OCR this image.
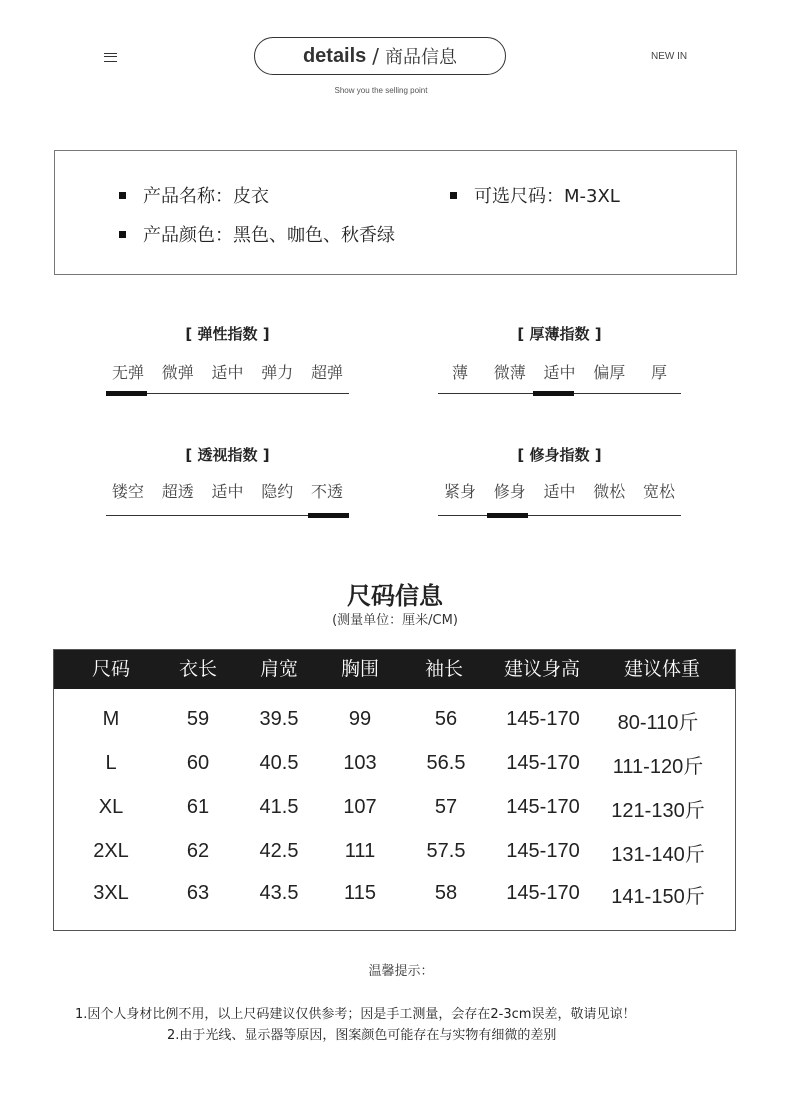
details / 商品信息	NEW IN
Show you the selling point
产品名称：皮衣	可选尺码：M-3XL
产品颜色：黑色、咖色、秋香绿
[ 弹性指数 ]
无弹	微弹	适中	弹力	超弹
[ 厚薄指数 ]
薄	微薄	适中	偏厚	厚
[ 透视指数 ]
镂空	超透	适中	隐约	不透
[ 修身指数 ]
紧身	修身	适中	微松	宽松
尺码信息
(测量单位：厘米/CM)
尺码	衣长 肩宽 胸围 袖长 建议身高 建议体重
M	59	39.5	99	56 145-170 80-110斤
L	60	40.5 103 56.5 145-170 111-120斤
XL	61	41.5 107	57 145-170 121-130斤
2XL	62	42.5 111	57.5 145-170 131-140斤
3XL	63	43.5 115	58 145-170 141-150斤
温馨提示：
1.因个人身材比例不用，以上尺码建议仅供参考；因是手工测量，会存在2-3cm误差，敬请见谅！
2.由于光线、显示器等原因，图案颜色可能存在与实物有细微的差别
